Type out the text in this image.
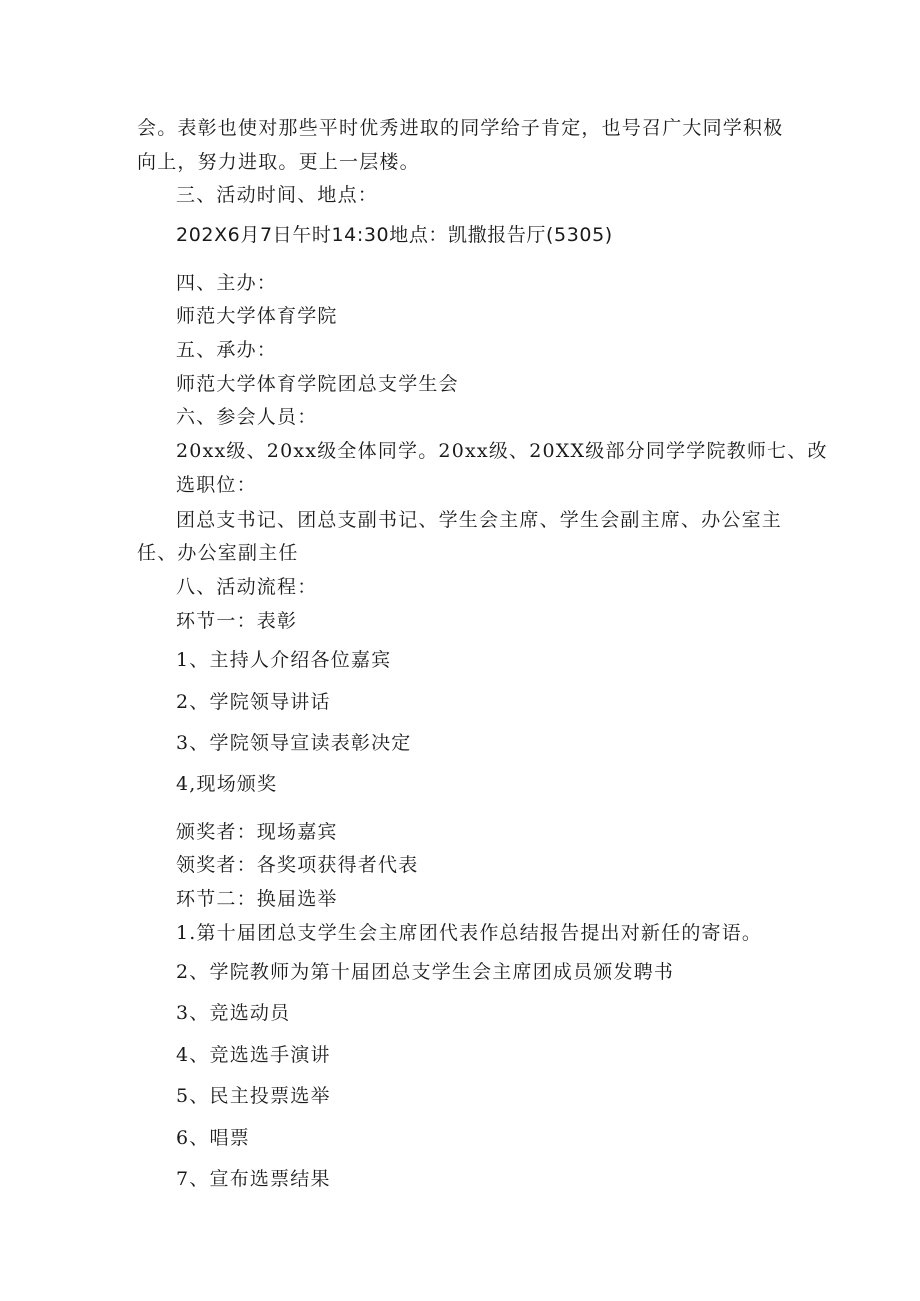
会。表彰也使对那些平时优秀进取的同学给子肯定，也号召广大同学积极
向上，努力进取。更上一层楼。
三、活动时间、地点：
202X6月7日午时14:30地点：凯撒报告厅(5305)
四、主办：
师范大学体育学院
五、承办：
师范大学体育学院团总支学生会
六、参会人员：
20xx级、20xx级全体同学。20xx级、20XX级部分同学学院教师七、改
选职位：
团总支书记、团总支副书记、学生会主席、学生会副主席、办公室主
任、办公室副主任
八、活动流程：
环节一：表彰
1、主持人介绍各位嘉宾
2、学院领导讲话
3、学院领导宣读表彰决定
4,现场颁奖
颁奖者：现场嘉宾
领奖者：各奖项获得者代表
环节二：换届选举
1.第十届团总支学生会主席团代表作总结报告提出对新任的寄语。
2、学院教师为第十届团总支学生会主席团成员颁发聘书
3、竞选动员
4、竞选选手演讲
5、民主投票选举
6、唱票
7、宣布选票结果
